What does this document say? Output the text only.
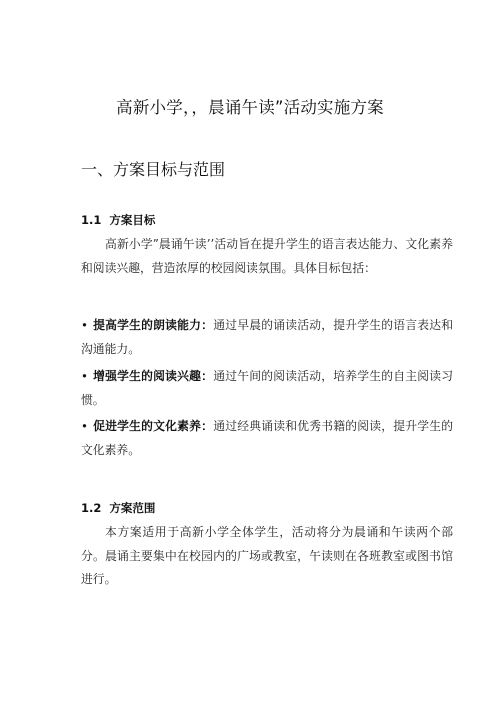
高新小学，，晨诵午读”活动实施方案
一、方案目标与范围
1.1 方案目标
高新小学”晨诵午读’’活动旨在提升学生的语言表达能力、文化素养和阅读兴趣，营造浓厚的校园阅读氛围。具体目标包括：
• 提高学生的朗读能力：通过早晨的诵读活动，提升学生的语言表达和沟通能力。
• 增强学生的阅读兴趣：通过午间的阅读活动，培养学生的自主阅读习惯。
• 促进学生的文化素养：通过经典诵读和优秀书籍的阅读，提升学生的文化素养。
1.2 方案范围
本方案适用于高新小学全体学生，活动将分为晨诵和午读两个部分。晨诵主要集中在校园内的广场或教室，午读则在各班教室或图书馆进行。
